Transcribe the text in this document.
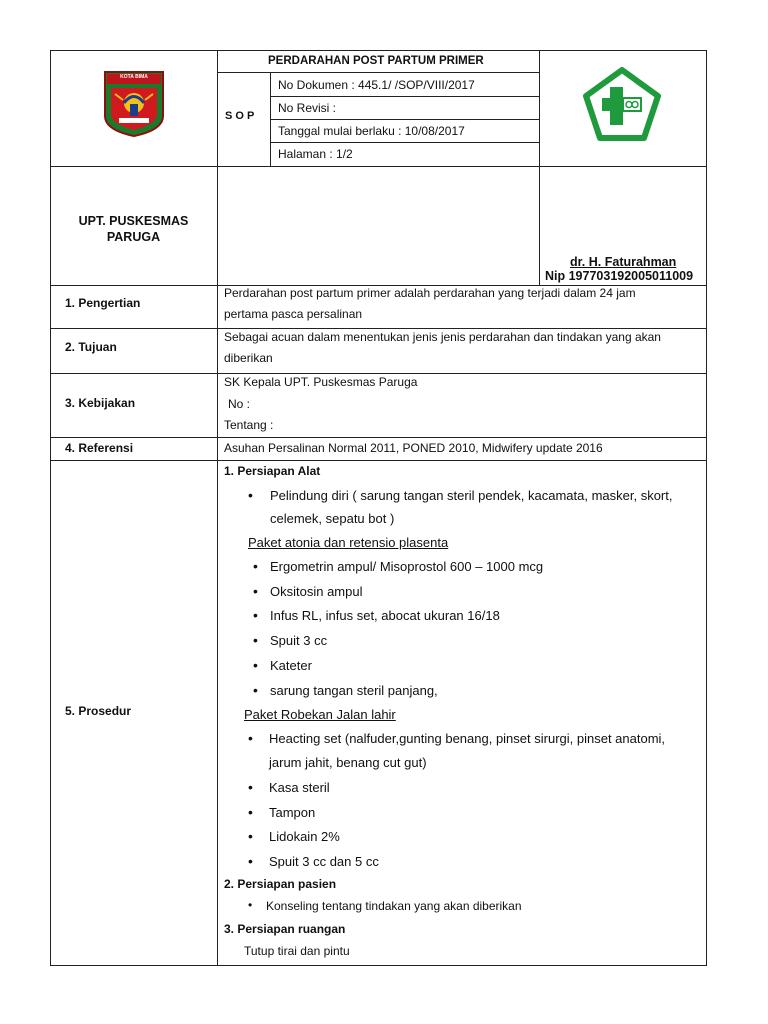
KOTA BIMA
PERDARAHAN POST PARTUM PRIMER
S O P
No Dokumen : 445.1/ /SOP/VIII/2017
No Revisi :
Tanggal mulai berlaku : 10/08/2017
Halaman : 1/2
UPT. PUSKESMAS
PARUGA
dr. H. Faturahman
Nip 197703192005011009
1. Pengertian
Perdarahan post partum primer adalah perdarahan yang terjadi dalam 24 jam
pertama pasca persalinan
2. Tujuan
Sebagai acuan dalam menentukan jenis jenis perdarahan dan tindakan yang akan
diberikan
3. Kebijakan
SK Kepala UPT. Puskesmas Paruga
No :
Tentang :
4. Referensi	Asuhan Persalinan Normal 2011, PONED 2010, Midwifery update 2016
5. Prosedur
1. Persiapan Alat
• Pelindung diri ( sarung tangan steril pendek, kacamata, masker, skort,
celemek, sepatu bot )
Paket atonia dan retensio plasenta
• Ergometrin ampul/ Misoprostol 600 – 1000 mcg
• Oksitosin ampul
• Infus RL, infus set, abocat ukuran 16/18
• Spuit 3 cc
• Kateter
• sarung tangan steril panjang,
Paket Robekan Jalan lahir
• Heacting set (nalfuder,gunting benang, pinset sirurgi, pinset anatomi,
jarum jahit, benang cut gut)
• Kasa steril
• Tampon
• Lidokain 2%
• Spuit 3 cc dan 5 cc
2. Persiapan pasien
• Konseling tentang tindakan yang akan diberikan
3. Persiapan ruangan
Tutup tirai dan pintu
